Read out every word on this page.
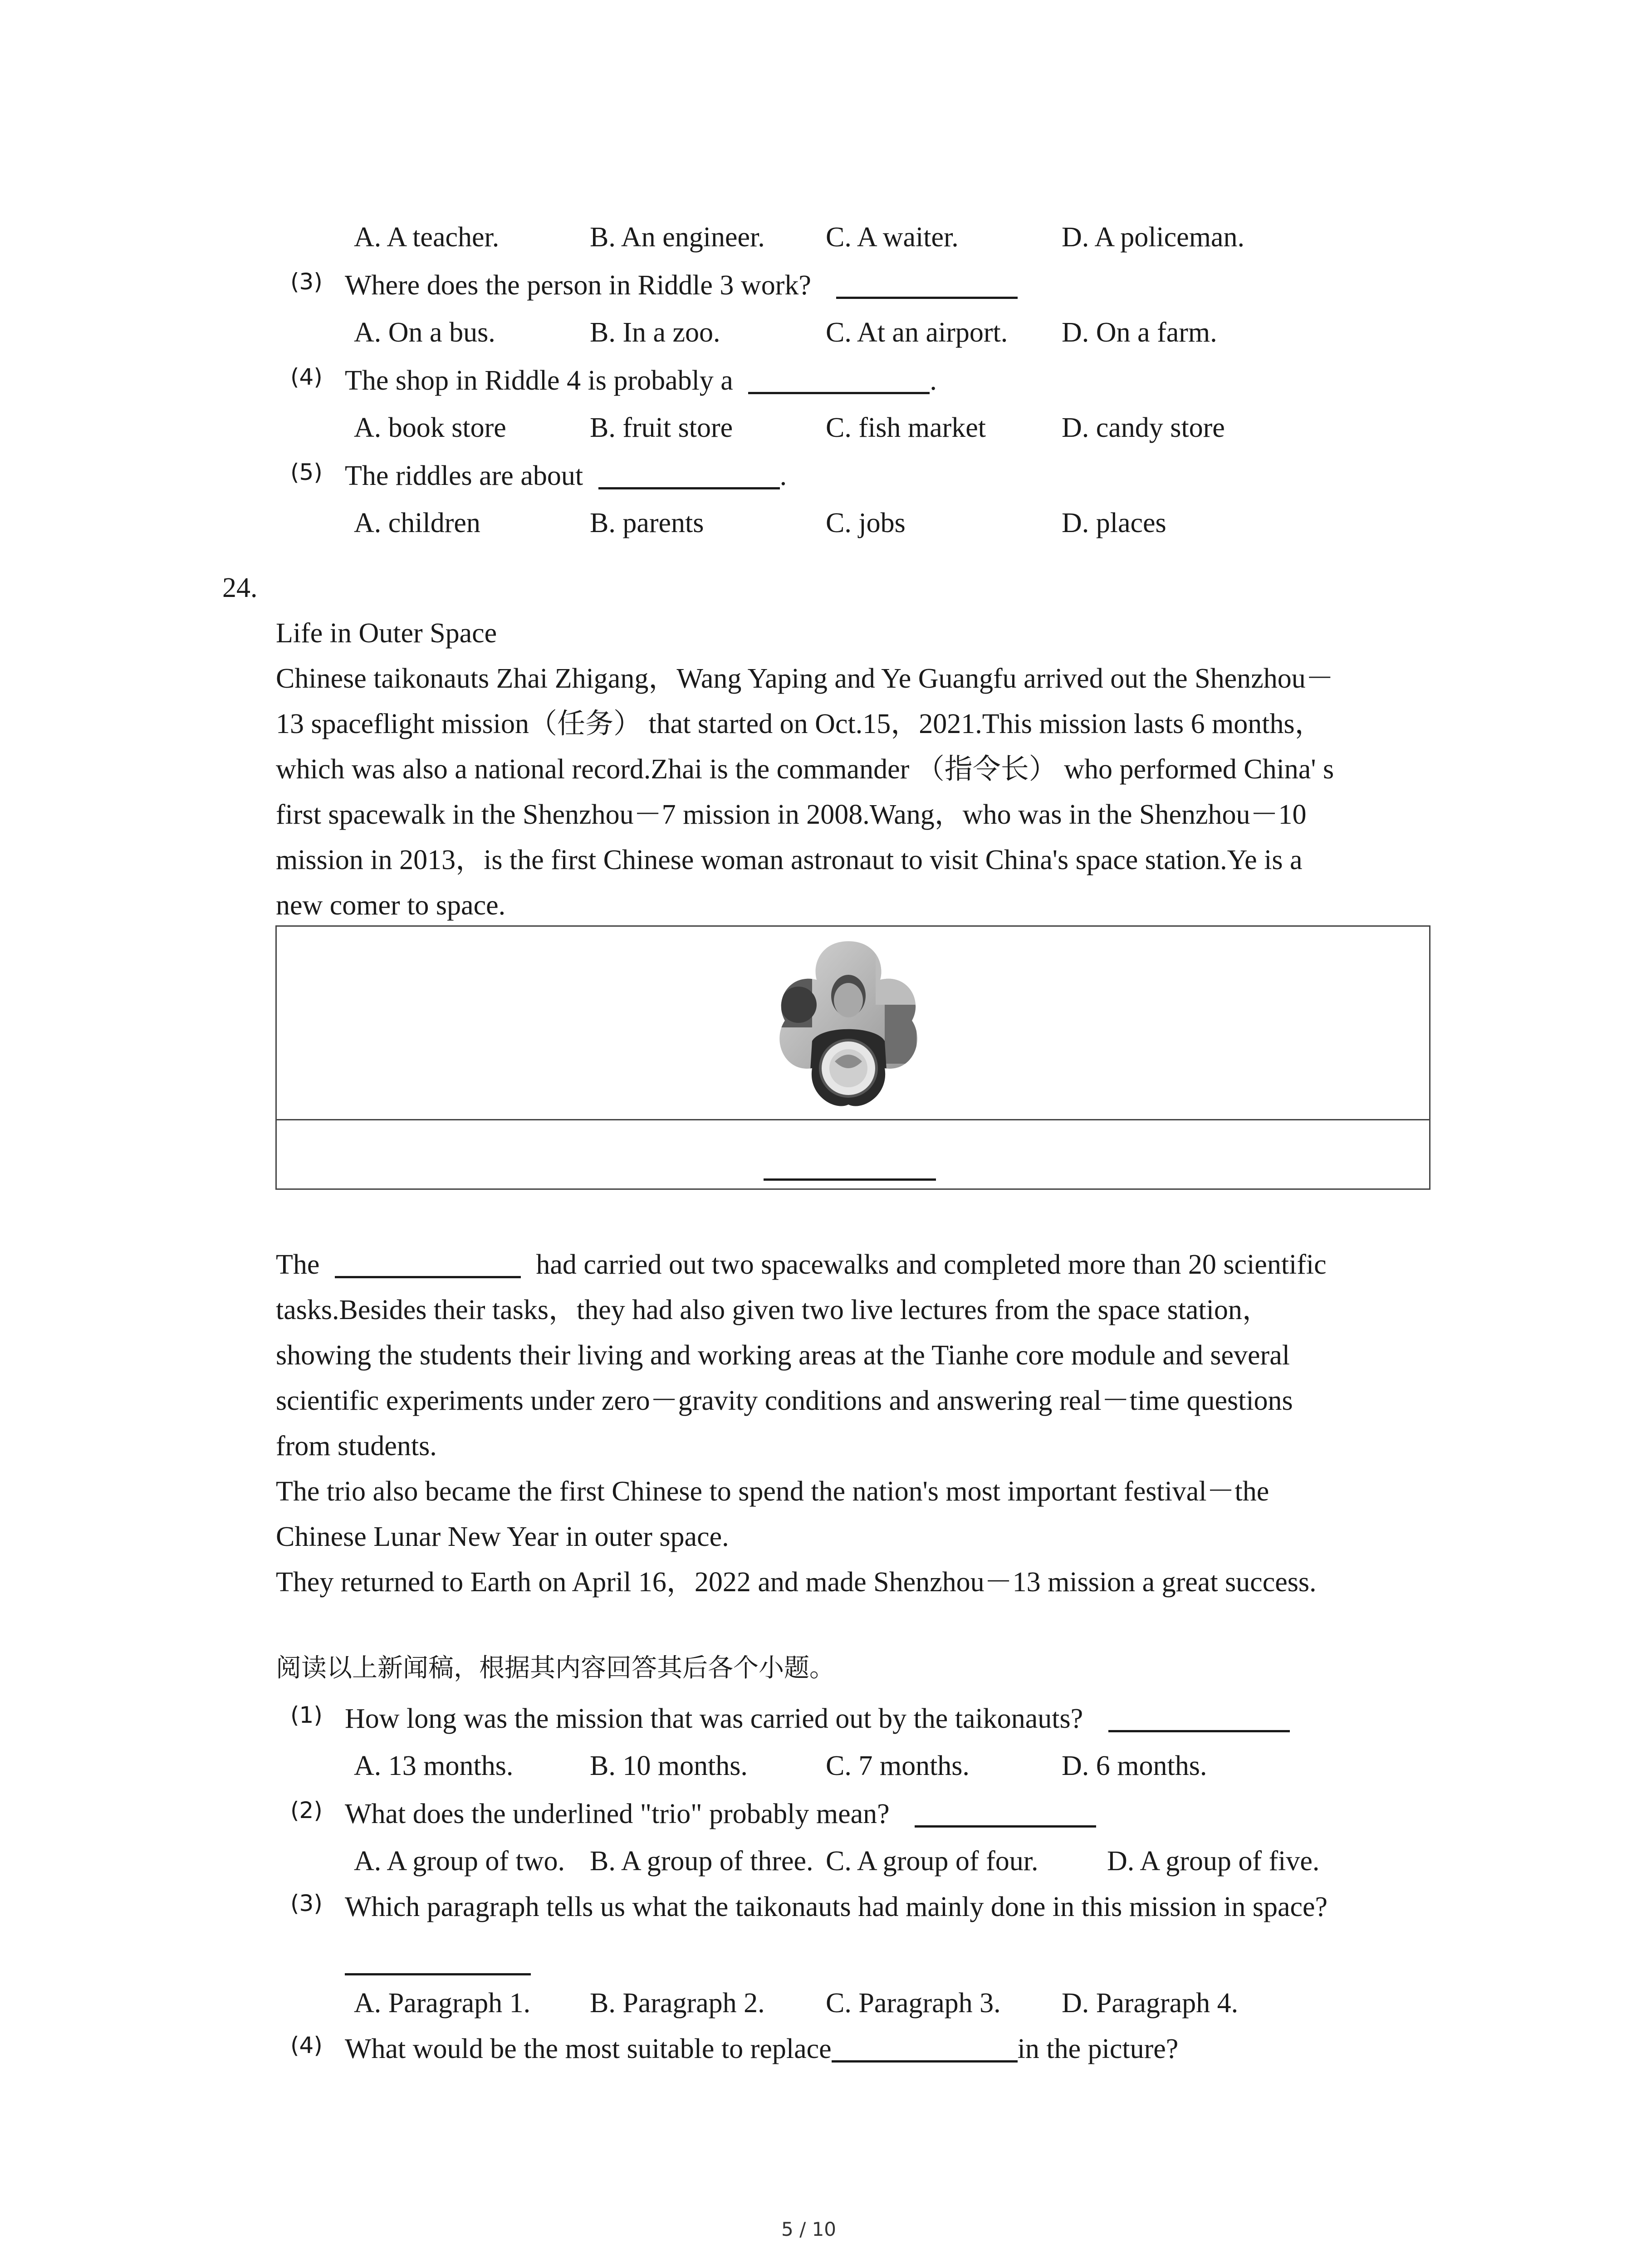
A. A teacher.	B. An engineer. C. A waiter.	D. A policeman.
(3) Where does the person in Riddle 3 work?
A. On a bus.	B. In a zoo.	C. At an airport. D. On a farm.
(4) The shop in Riddle 4 is probably a	.
A. book store	B. fruit store	C. fish market	D. candy store
(5) The riddles are about	.
A. children	B. parents	C. jobs	D. places
24.
Life in Outer Space
Chinese taikonauts Zhai Zhigang，Wang Yaping and Ye Guangfu arrived out the Shenzhou－
13 spaceflight mission（任务） that started on Oct.15，2021.This mission lasts 6 months，
which was also a national record.Zhai is the commander （指令长） who performed China' s
first spacewalk in the Shenzhou－7 mission in 2008.Wang，who was in the Shenzhou－10
mission in 2013，is the first Chinese woman astronaut to visit China's space station.Ye is a
new comer to space.
The	had carried out two spacewalks and completed more than 20 scientific
tasks.Besides their tasks，they had also given two live lectures from the space station，
showing the students their living and working areas at the Tianhe core module and several
scientific experiments under zero－gravity conditions and answering real－time questions
from students.
The trio also became the first Chinese to spend the nation's most important festival－the
Chinese Lunar New Year in outer space.
They returned to Earth on April 16，2022 and made Shenzhou－13 mission a great success.
阅读以上新闻稿，根据其内容回答其后各个小题。
(1) How long was the mission that was carried out by the taikonauts?
A. 13 months.	B. 10 months.	C. 7 months.	D. 6 months.
(2) What does the underlined "trio" probably mean?
A. A group of two. B. A group of three. C. A group of four. D. A group of five.
(3) Which paragraph tells us what the taikonauts had mainly done in this mission in space?
A. Paragraph 1. B. Paragraph 2. C. Paragraph 3. D. Paragraph 4.
(4) What would be the most suitable to replace	in the picture?
5 / 10
